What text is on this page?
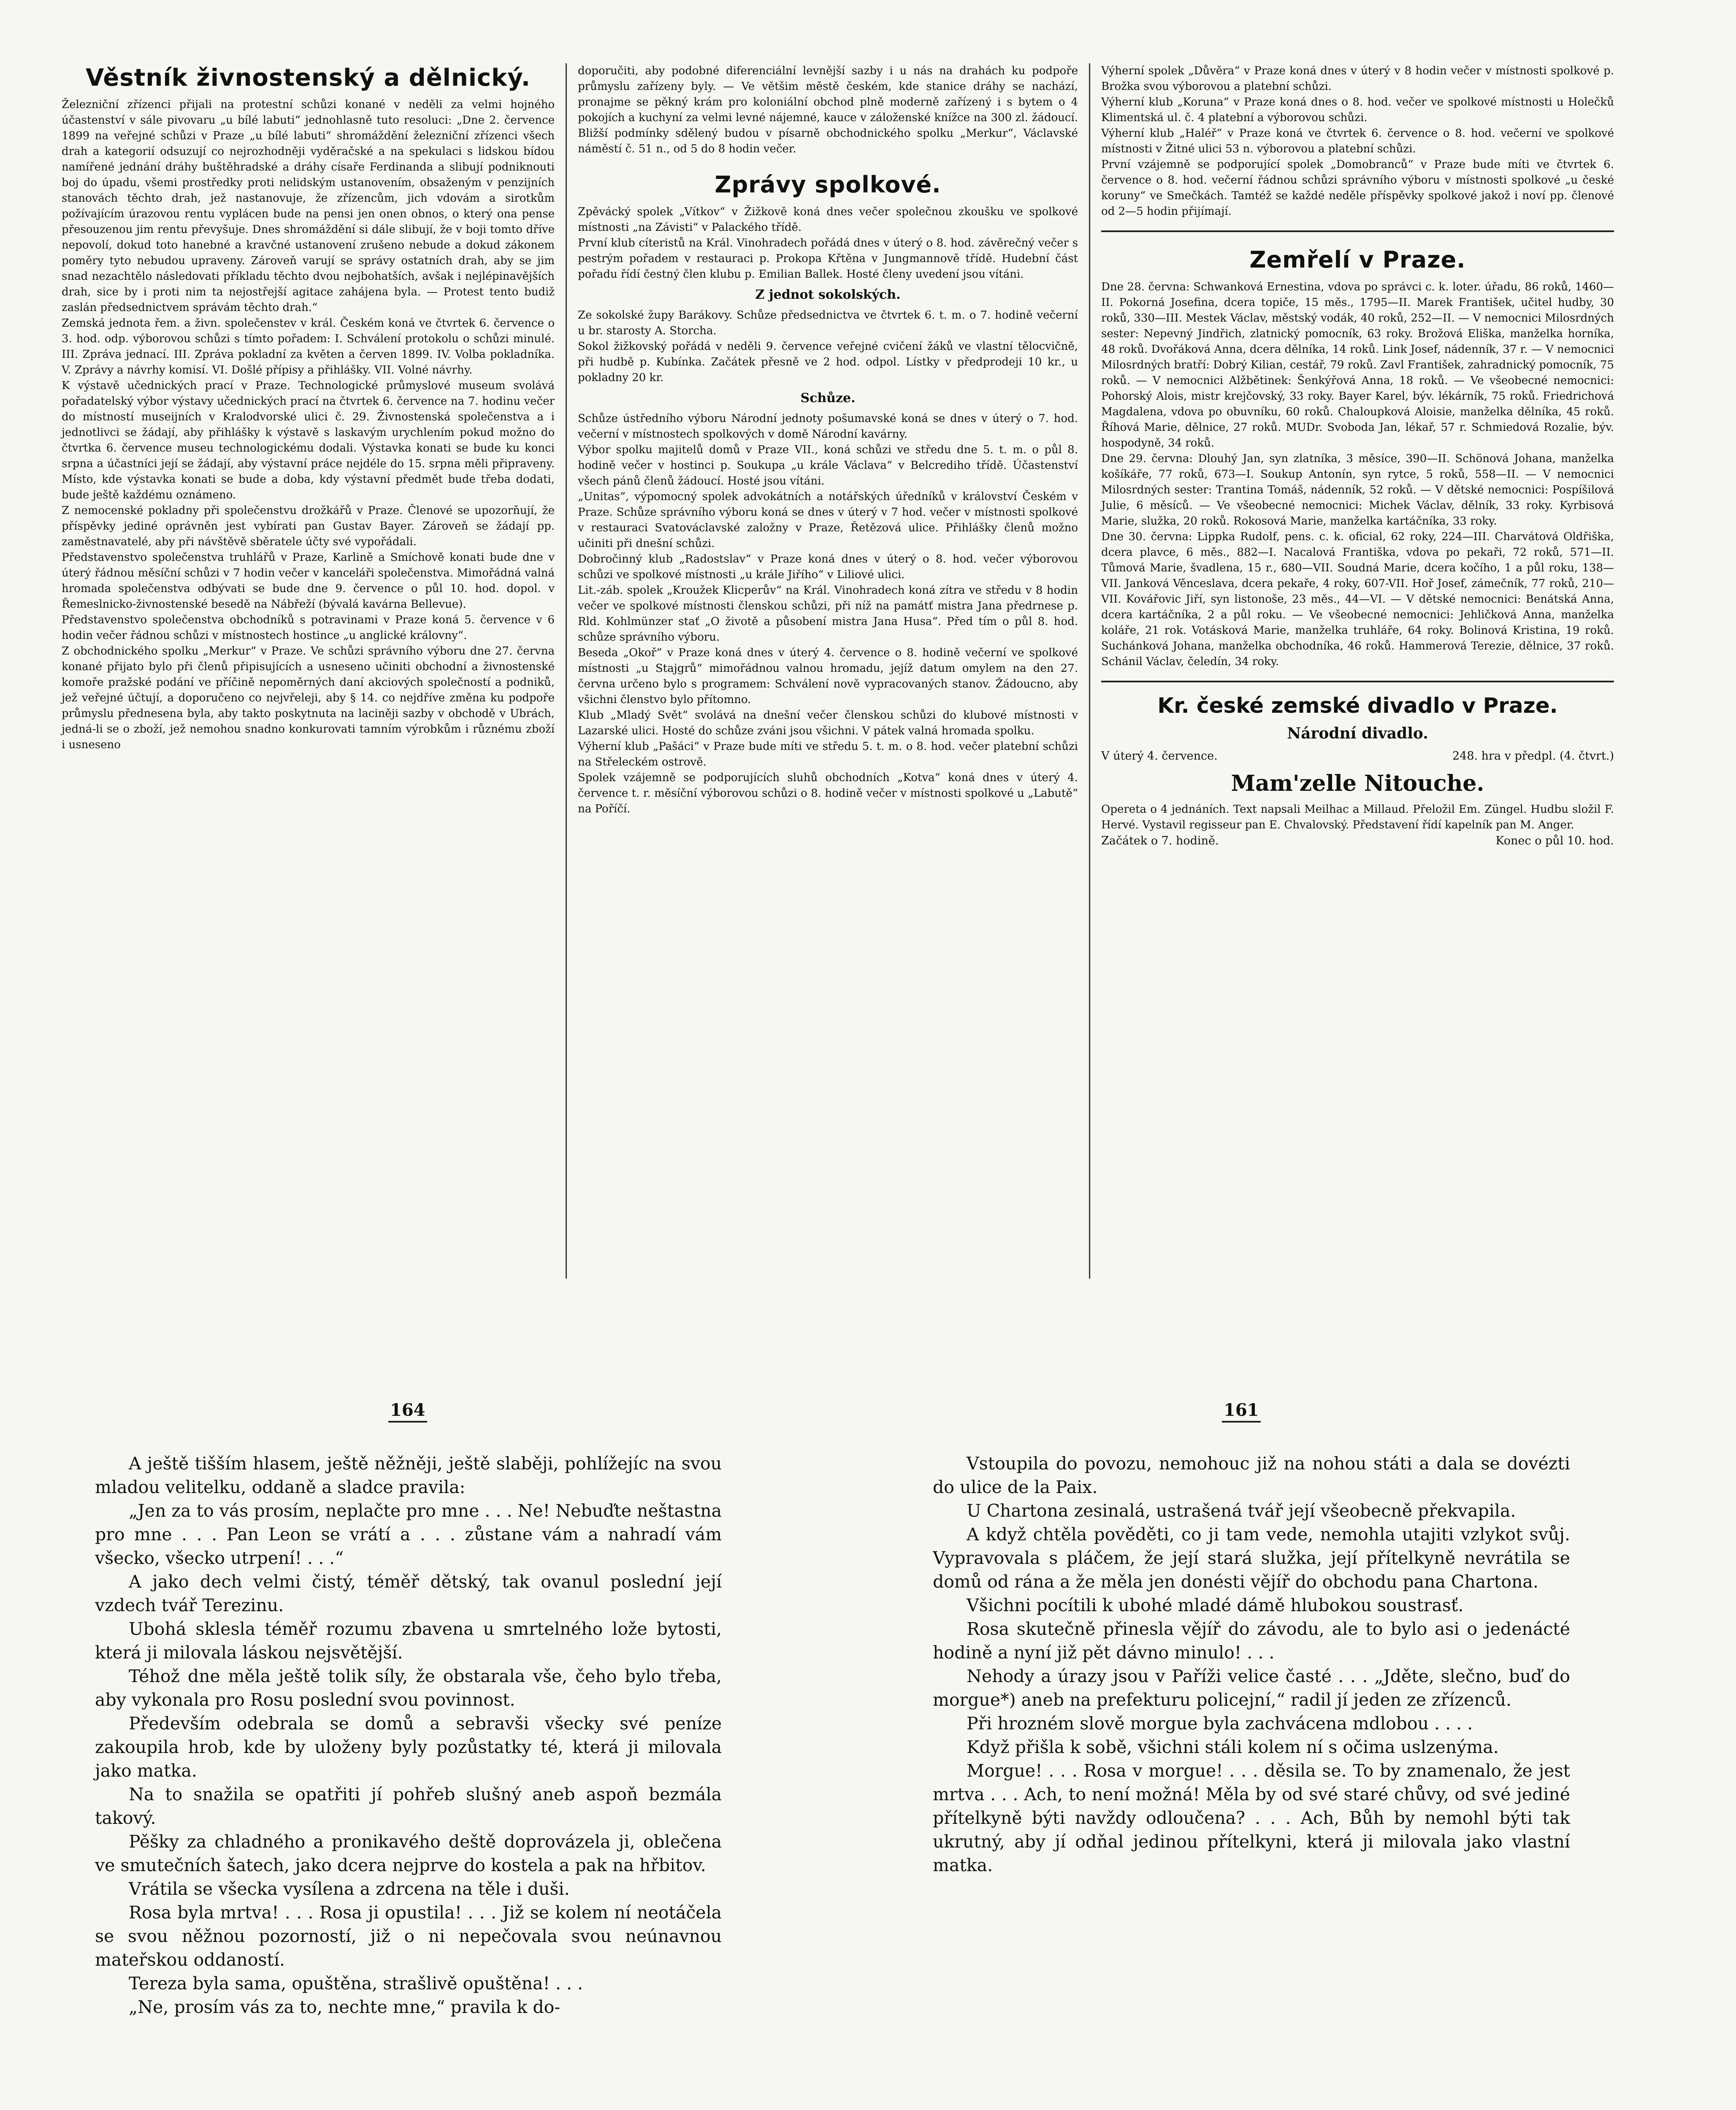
Věstník živnostenský a dělnický.

Železniční zřízenci přijali na protestní schůzi konané v neděli za velmi hojného účastenství v sále pivovaru „u bílé labuti“ jednohlasně tuto resoluci: „Dne 2. července 1899 na veřejné schůzi v Praze „u bílé labuti“ shromáždění železniční zřízenci všech drah a kategorií odsuzují co nejrozhodněji vyděračské a na spekulaci s lidskou bídou namířené jednání dráhy buštěhradské a dráhy císaře Ferdinanda a slibují podniknouti boj do úpadu, všemi prostředky proti nelidským ustanovením, obsaženým v penzijních stanovách těchto drah, jež nastanovuje, že zřízencům, jich vdovám a sirotkům požívajícím úrazovou rentu vyplácen bude na pensi jen onen obnos, o který ona pense přesouzenou jim rentu převyšuje. Dnes shromáždění si dále slibují, že v boji tomto dříve nepovolí, dokud toto hanebné a kravčné ustanovení zrušeno nebude a dokud zákonem poměry tyto nebudou upraveny. Zároveň varují se správy ostatních drah, aby se jim snad nezachtělo následovati příkladu těchto dvou nejbohatších, avšak i nejlépinavějších drah, sice by i proti nim ta nejostřejší agitace zahájena byla. — Protest tento budiž zaslán předsednictvem správám těchto drah.“

Zemská jednota řem. a živn. společenstev v král. Českém koná ve čtvrtek 6. července o 3. hod. odp. výborovou schůzi s tímto pořadem: I. Schválení protokolu o schůzi minulé. III. Zpráva jednací. III. Zpráva pokladní za květen a červen 1899. IV. Volba pokladníka. V. Zprávy a návrhy komisí. VI. Došlé přípisy a přihlášky. VII. Volné návrhy.

K výstavě učednických prací v Praze. Technologické průmyslové museum svolává pořadatelský výbor výstavy učednických prací na čtvrtek 6. července na 7. hodinu večer do místností museijních v Kralodvorské ulici č. 29. Živnostenská společenstva a i jednotlivci se žádají, aby přihlášky k výstavě s laskavým urychlením pokud možno do čtvrtka 6. července museu technologickému dodali. Výstavka konati se bude ku konci srpna a účastníci její se žádají, aby výstavní práce nejdéle do 15. srpna měli připraveny. Místo, kde výstavka konati se bude a doba, kdy výstavní předmět bude třeba dodati, bude ještě každému oznámeno.

Z nemocenské pokladny při společenstvu drožkářů v Praze. Členové se upozorňují, že příspěvky jediné oprávněn jest vybírati pan Gustav Bayer. Zároveň se žádají pp. zaměstnavatelé, aby při návštěvě sběratele účty své vypořádali.

Představenstvo společenstva truhlářů v Praze, Karlině a Smíchově konati bude dne v úterý řádnou měsíční schůzi v 7 hodin večer v kanceláři společenstva. Mimořádná valná hromada společenstva odbývati se bude dne 9. července o půl 10. hod. dopol. v Řemeslnicko-živnostenské besedě na Nábřeží (bývalá kavárna Bellevue).

Představenstvo společenstva obchodníků s potravinami v Praze koná 5. července v 6 hodin večer řádnou schůzi v místnostech hostince „u anglické královny“.

Z obchodnického spolku „Merkur“ v Praze. Ve schůzi správního výboru dne 27. června konané přijato bylo při členů připisujících a usneseno učiniti obchodní a živnostenské komoře pražské podání ve příčině nepoměrných daní akciových společností a podniků, jež veřejné účtují, a doporučeno co nejvřeleji, aby § 14. co nejdříve změna ku podpoře průmyslu přednesena byla, aby takto poskytnuta na laciněji sazby v obchodě v Ubrách, jedná-li se o zboží, jež nemohou snadno konkurovati tamním výrobkům i různému zboží i usneseno

doporučiti, aby podobné diferenciální levnější sazby i u nás na drahách ku podpoře průmyslu zařízeny byly. — Ve většim městě českém, kde stanice dráhy se nachází, pronajme se pěkný krám pro koloniální obchod plně moderně zařízený i s bytem o 4 pokojích a kuchyní za velmi levné nájemné, kauce v záloženské knížce na 300 zl. žádoucí. Bližší podmínky sdělený budou v písarně obchodnického spolku „Merkur“, Václavské náměstí č. 51 n., od 5 do 8 hodin večer.

Zprávy spolkové.

Zpěvácký spolek „Vítkov“ v Žižkově koná dnes večer společnou zkoušku ve spolkové místnosti „na Závisti“ v Palackého třídě.

První klub cíteristů na Král. Vinohradech pořádá dnes v úterý o 8. hod. závěrečný večer s pestrým pořadem v restauraci p. Prokopa Křtěna v Jungmannově třídě. Hudební část pořadu řídí čestný člen klubu p. Emilian Ballek. Hosté členy uvedení jsou vítáni.

Z jednot sokolských.

Ze sokolské župy Barákovy. Schůze předsednictva ve čtvrtek 6. t. m. o 7. hodině večerní u br. starosty A. Storcha.

Sokol žižkovský pořádá v neděli 9. července veřejné cvičení žáků ve vlastní tělocvičně, při hudbě p. Kubínka. Začátek přesně ve 2 hod. odpol. Lístky v předprodeji 10 kr., u pokladny 20 kr.

Schůze.

Schůze ústředního výboru Národní jednoty pošumavské koná se dnes v úterý o 7. hod. večerní v místnostech spolkových v domě Národní kavárny.

Výbor spolku majitelů domů v Praze VII., koná schůzi ve středu dne 5. t. m. o půl 8. hodině večer v hostinci p. Soukupa „u krále Václava“ v Belcrediho třídě. Účastenství všech pánů členů žádoucí. Hosté jsou vítáni.

„Unitas“, výpomocný spolek advokátních a notářských úředníků v království Českém v Praze. Schůze správního výboru koná se dnes v úterý v 7 hod. večer v místnosti spolkové v restauraci Svatováclavské založny v Praze, Řetězová ulice. Přihlášky členů možno učiniti při dnešní schůzi.

Dobročinný klub „Radostslav“ v Praze koná dnes v úterý o 8. hod. večer výborovou schůzi ve spolkové místnosti „u krále Jiřího“ v Liliové ulici.

Lit.-záb. spolek „Kroužek Klicperův“ na Král. Vinohradech koná zítra ve středu v 8 hodin večer ve spolkové místnosti členskou schůzi, při níž na památť mistra Jana předrnese p. Rld. Kohlmünzer stať „O životě a působení mistra Jana Husa“. Před tím o půl 8. hod. schůze správního výboru.

Beseda „Okoř“ v Praze koná dnes v úterý 4. července o 8. hodině večerní ve spolkové místnosti „u Stajgrů“ mimořádnou valnou hromadu, jejíž datum omylem na den 27. června určeno bylo s programem: Schválení nově vypracovaných stanov. Žádoucno, aby všichni členstvo bylo přítomno.

Klub „Mladý Svět“ svolává na dnešní večer členskou schůzi do klubové místnosti v Lazarské ulici. Hosté do schůze zváni jsou všichni. V pátek valná hromada spolku.

Výherní klub „Pašáci“ v Praze bude míti ve středu 5. t. m. o 8. hod. večer platební schůzi na Střeleckém ostrově.

Spolek vzájemně se podporujících sluhů obchodních „Kotva“ koná dnes v úterý 4. července t. r. měsíční výborovou schůzi o 8. hodině večer v místnosti spolkové u „Labutě“ na Poříčí.

Výherní spolek „Důvěra“ v Praze koná dnes v úterý v 8 hodin večer v místnosti spolkové p. Brožka svou výborovou a platební schůzi.

Výherní klub „Koruna“ v Praze koná dnes o 8. hod. večer ve spolkové místnosti u Holečků Klimentská ul. č. 4 platební a výborovou schůzi.

Výherní klub „Haléř“ v Praze koná ve čtvrtek 6. července o 8. hod. večerní ve spolkové místnosti v Žitné ulici 53 n. výborovou a platební schůzi.

První vzájemně se podporující spolek „Domobranců“ v Praze bude míti ve čtvrtek 6. července o 8. hod. večerní řádnou schůzi správního výboru v místnosti spolkové „u české koruny“ ve Smečkách. Tamtéž se každé neděle příspěvky spolkové jakož i noví pp. členové od 2—5 hodin přijímají.

Zemřelí v Praze.

Dne 28. června: Schwanková Ernestina, vdova po správci c. k. loter. úřadu, 86 roků, 1460—II. Pokorná Josefina, dcera topiče, 15 měs., 1795—II. Marek František, učitel hudby, 30 roků, 330—III. Mestek Václav, městský vodák, 40 roků, 252—II. — V nemocnici Milosrdných sester: Nepevný Jindřich, zlatnický pomocník, 63 roky. Brožová Eliška, manželka horníka, 48 roků. Dvořáková Anna, dcera dělníka, 14 roků. Link Josef, nádenník, 37 r. — V nemocnici Milosrdných bratří: Dobrý Kilian, cestář, 79 roků. Zavl František, zahradnický pomocník, 75 roků. — V nemocnici Alžbětinek: Šenkýřová Anna, 18 roků. — Ve všeobecné nemocnici: Pohorský Alois, mistr krejčovský, 33 roky. Bayer Karel, býv. lékárník, 75 roků. Friedrichová Magdalena, vdova po obuvníku, 60 roků. Chaloupková Aloisie, manželka dělníka, 45 roků. Říhová Marie, dělnice, 27 roků. MUDr. Svoboda Jan, lékař, 57 r. Schmiedová Rozalie, býv. hospodyně, 34 roků.

Dne 29. června: Dlouhý Jan, syn zlatníka, 3 měsíce, 390—II. Schönová Johana, manželka košíkáře, 77 roků, 673—I. Soukup Antonín, syn rytce, 5 roků, 558—II. — V nemocnici Milosrdných sester: Trantina Tomáš, nádenník, 52 roků. — V dětské nemocnici: Pospíšilová Julie, 6 měsíců. — Ve všeobecné nemocnici: Michek Václav, dělník, 33 roky. Kyrbisová Marie, služka, 20 roků. Rokosová Marie, manželka kartáčníka, 33 roky.

Dne 30. června: Lippka Rudolf, pens. c. k. oficial, 62 roky, 224—III. Charvátová Oldřiška, dcera plavce, 6 měs., 882—I. Nacalová Františka, vdova po pekaři, 72 roků, 571—II. Tůmová Marie, švadlena, 15 r., 680—VII. Soudná Marie, dcera kočího, 1 a půl roku, 138—VII. Janková Věnceslava, dcera pekaře, 4 roky, 607-VII. Hoř Josef, zámečník, 77 roků, 210—VII. Kovářovic Jiří, syn listonoše, 23 měs., 44—VI. — V dětské nemocnici: Benátská Anna, dcera kartáčníka, 2 a půl roku. — Ve všeobecné nemocnici: Jehličková Anna, manželka koláře, 21 rok. Votásková Marie, manželka truhláře, 64 roky. Bolinová Kristina, 19 roků. Suchánková Johana, manželka obchodníka, 46 roků. Hammerová Terezie, dělnice, 37 roků. Schánil Václav, čeledín, 34 roky.

Kr. české zemské divadlo v Praze.
Národní divadlo.
V úterý 4. července.	248. hra v předpl. (4. čtvrt.)
Mam'zelle Nitouche.

Opereta o 4 jednáních. Text napsali Meilhac a Millaud. Přeložil Em. Züngel. Hudbu složil F. Hervé. Vystavil regisseur pan E. Chvalovský. Představení řídí kapelník pan M. Anger.

Začátek o 7. hodině.	Konec o půl 10. hod.
164	161

A ještě tišším hlasem, ještě něžněji, ještě slaběji, pohlížejíc na svou mladou velitelku, oddaně a sladce pravila:

„Jen za to vás prosím, neplačte pro mne . . . Ne! Nebuďte neštastna pro mne . . . Pan Leon se vrátí a . . . zůstane vám a nahradí vám všecko, všecko utrpení! . . .“

A jako dech velmi čistý, téměř dětský, tak ovanul poslední její vzdech tvář Terezinu.

Ubohá sklesla téměř rozumu zbavena u smrtelného lože bytosti, která ji milovala láskou nejsvětější.

Téhož dne měla ještě tolik síly, že obstarala vše, čeho bylo třeba, aby vykonala pro Rosu poslední svou povinnost.

Především odebrala se domů a sebravši všecky své peníze zakoupila hrob, kde by uloženy byly pozůstatky té, která ji milovala jako matka.

Na to snažila se opatřiti jí pohřeb slušný aneb aspoň bezmála takový.

Pěšky za chladného a pronikavého deště doprovázela ji, oblečena ve smutečních šatech, jako dcera nejprve do kostela a pak na hřbitov.

Vrátila se všecka vysílena a zdrcena na těle i duši.

Rosa byla mrtva! . . . Rosa ji opustila! . . . Již se kolem ní neotáčela se svou něžnou pozorností, již o ni nepečovala svou neúnavnou mateřskou oddaností.

Tereza byla sama, opuštěna, strašlivě opuštěna! . . .

„Ne, prosím vás za to, nechte mne,“ pravila k do-

Vstoupila do povozu, nemohouc již na nohou státi a dala se dovézti do ulice de la Paix.

U Chartona zesinalá, ustrašená tvář její všeobecně překvapila.

A když chtěla pověděti, co ji tam vede, nemohla utajiti vzlykot svůj. Vypravovala s pláčem, že její stará služka, její přítelkyně nevrátila se domů od rána a že měla jen donésti vějíř do obchodu pana Chartona.

Všichni pocítili k ubohé mladé dámě hlubokou soustrasť.

Rosa skutečně přinesla vějíř do závodu, ale to bylo asi o jedenácté hodině a nyní již pět dávno minulo! . . .

Nehody a úrazy jsou v Paříži velice časté . . . „Jděte, slečno, buď do morgue*) aneb na prefekturu policejní,“ radil jí jeden ze zřízenců.

Při hrozném slově morgue byla zachvácena mdlobou . . . .

Když přišla k sobě, všichni stáli kolem ní s očima uslzenýma.

Morgue! . . . Rosa v morgue! . . . děsila se. To by znamenalo, že jest mrtva . . . Ach, to není možná! Měla by od své staré chůvy, od své jediné přítelkyně býti navždy odloučena? . . . Ach, Bůh by nemohl býti tak ukrutný, aby jí odňal jedinou přítelkyni, která ji milovala jako vlastní matka.
